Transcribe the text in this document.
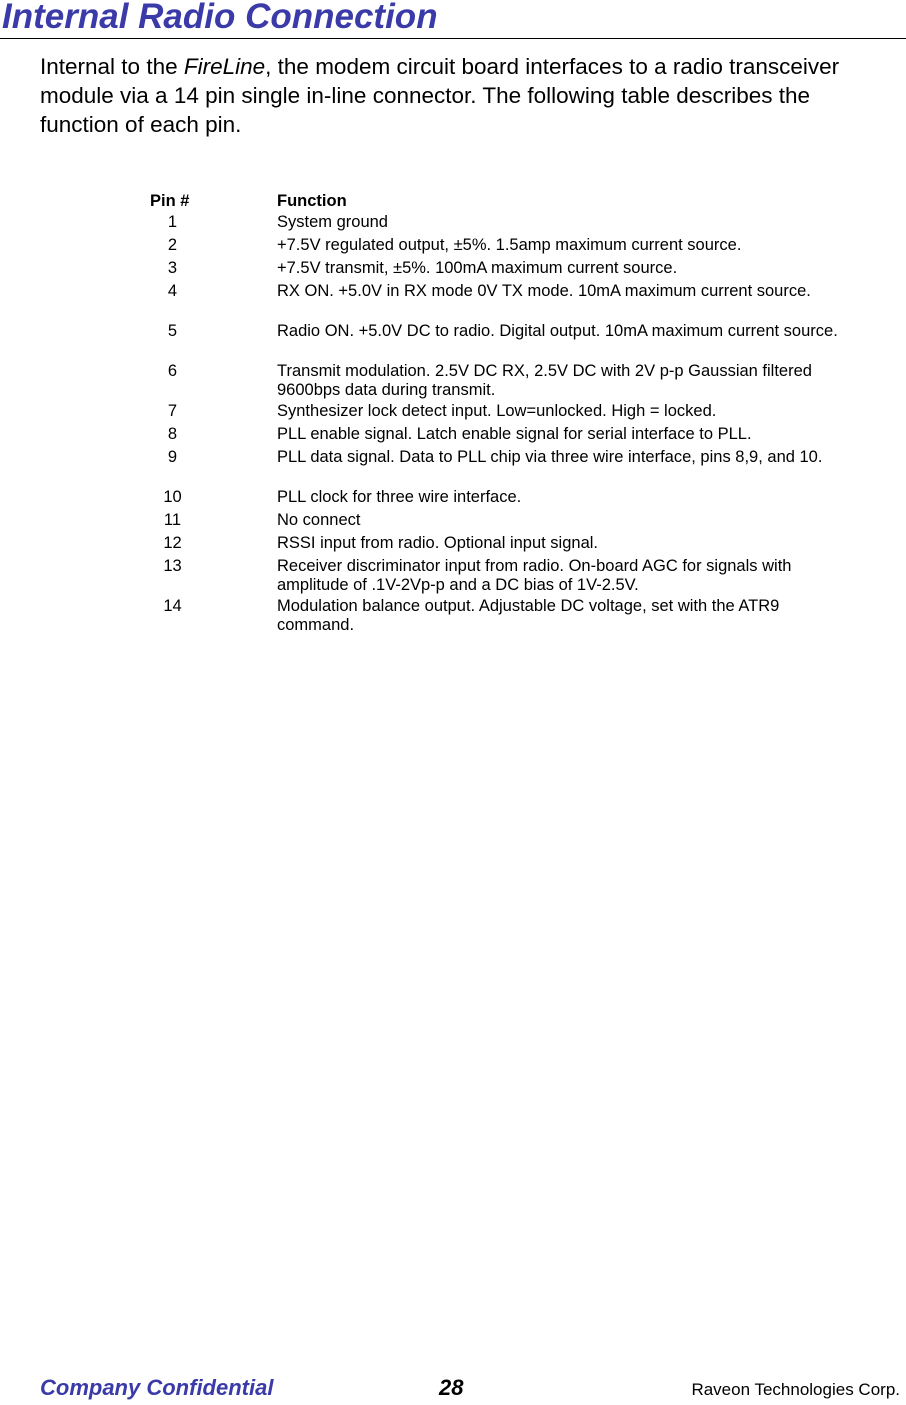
Internal Radio Connection

Internal to the FireLine, the modem circuit board interfaces to a radio transceiver module via a 14 pin single in-line connector. The following table describes the function of each pin.

Pin #	Function
1	System ground
2	+7.5V regulated output, ±5%. 1.5amp maximum current source.
3	+7.5V transmit, ±5%. 100mA maximum current source.
4	RX ON. +5.0V in RX mode 0V TX mode. 10mA maximum current source.
5	Radio ON. +5.0V DC to radio. Digital output. 10mA maximum current source.
6	Transmit modulation. 2.5V DC RX, 2.5V DC with 2V p-p Gaussian filtered 9600bps data during transmit.
7	Synthesizer lock detect input. Low=unlocked. High = locked.
8	PLL enable signal. Latch enable signal for serial interface to PLL.
9	PLL data signal. Data to PLL chip via three wire interface, pins 8,9, and 10.
10	PLL clock for three wire interface.
11	No connect
12	RSSI input from radio. Optional input signal.
13	Receiver discriminator input from radio. On-board AGC for signals with amplitude of .1V-2Vp-p and a DC bias of 1V-2.5V.
14	Modulation balance output. Adjustable DC voltage, set with the ATR9 command.
Company Confidential	28	Raveon Technologies Corp.
